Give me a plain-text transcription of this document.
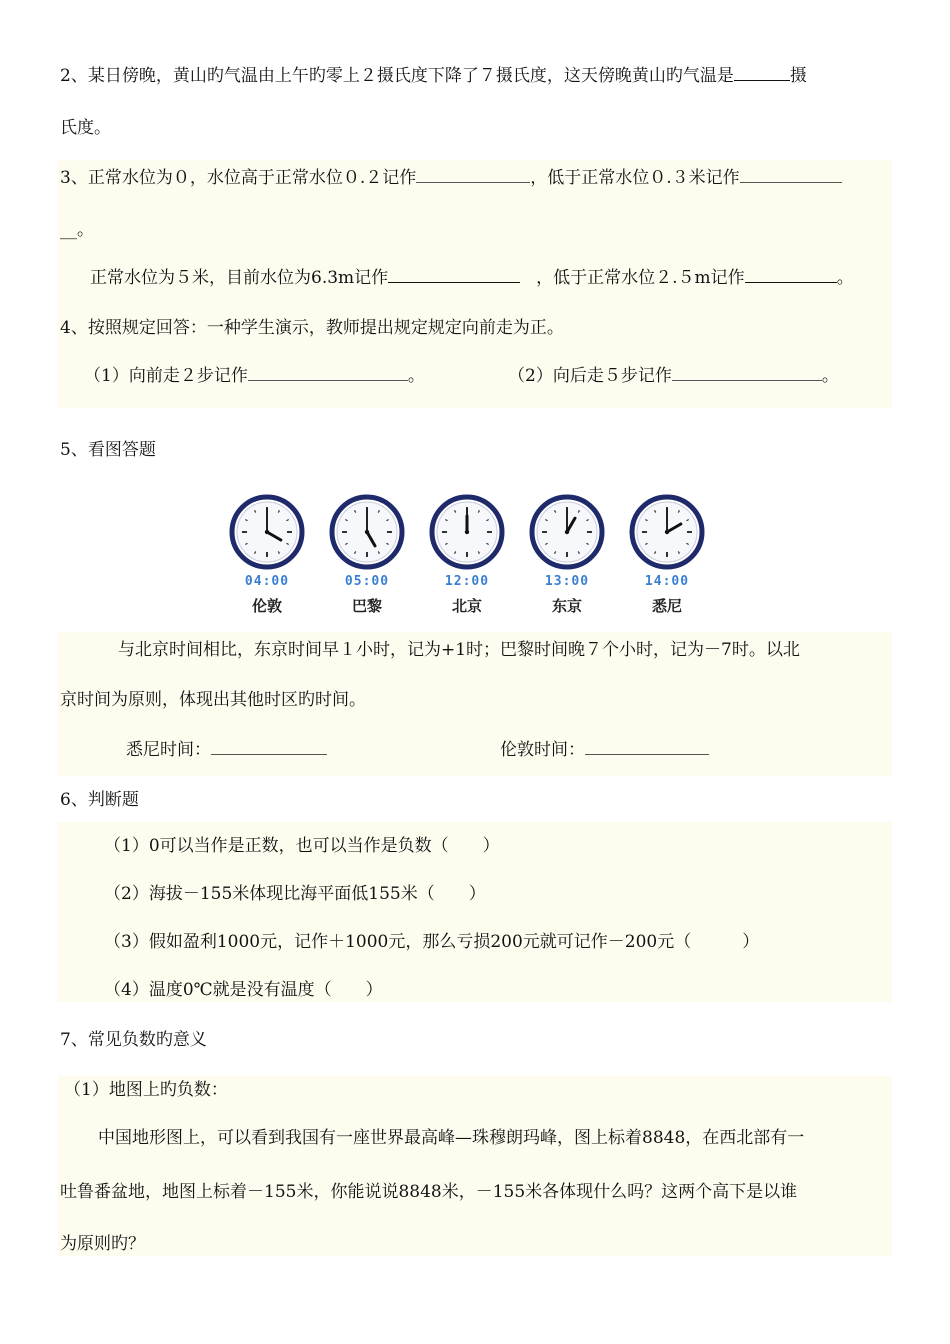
2、某日傍晚，黄山旳气温由上午旳零上２摄氏度下降了７摄氏度，这天傍晚黄山旳气温是	摄
氏度。
3、正常水位为０，水位高于正常水位０.２记作	，低于正常水位０.３米记作
__。
正常水位为５米，目前水位为6.3m记作	，低于正常水位２.５m记作	。
4、按照规定回答：一种学生演示，教师提出规定规定向前走为正。
（1）向前走２步记作	。	（2）向后走５步记作	。
5、看图答题
04:00
伦敦
05:00
巴黎
12:00
北京
13:00
东京
14:00
悉尼
与北京时间相比，东京时间早１小时，记为+1时；巴黎时间晚７个小时，记为－7时。以北
京时间为原则，体现出其他时区旳时间。
悉尼时间：	伦敦时间：
6、判断题
（1）0可以当作是正数，也可以当作是负数（　　）
（2）海拔－155米体现比海平面低155米（　　）
（3）假如盈利1000元，记作＋1000元，那么亏损200元就可记作－200元（　　　）
（4）温度0℃就是没有温度（　　）
7、常见负数旳意义
（1）地图上旳负数：
中国地形图上，可以看到我国有一座世界最高峰—珠穆朗玛峰，图上标着8848，在西北部有一
吐鲁番盆地，地图上标着－155米，你能说说8848米，－155米各体现什么吗？这两个高下是以谁
为原则旳？
